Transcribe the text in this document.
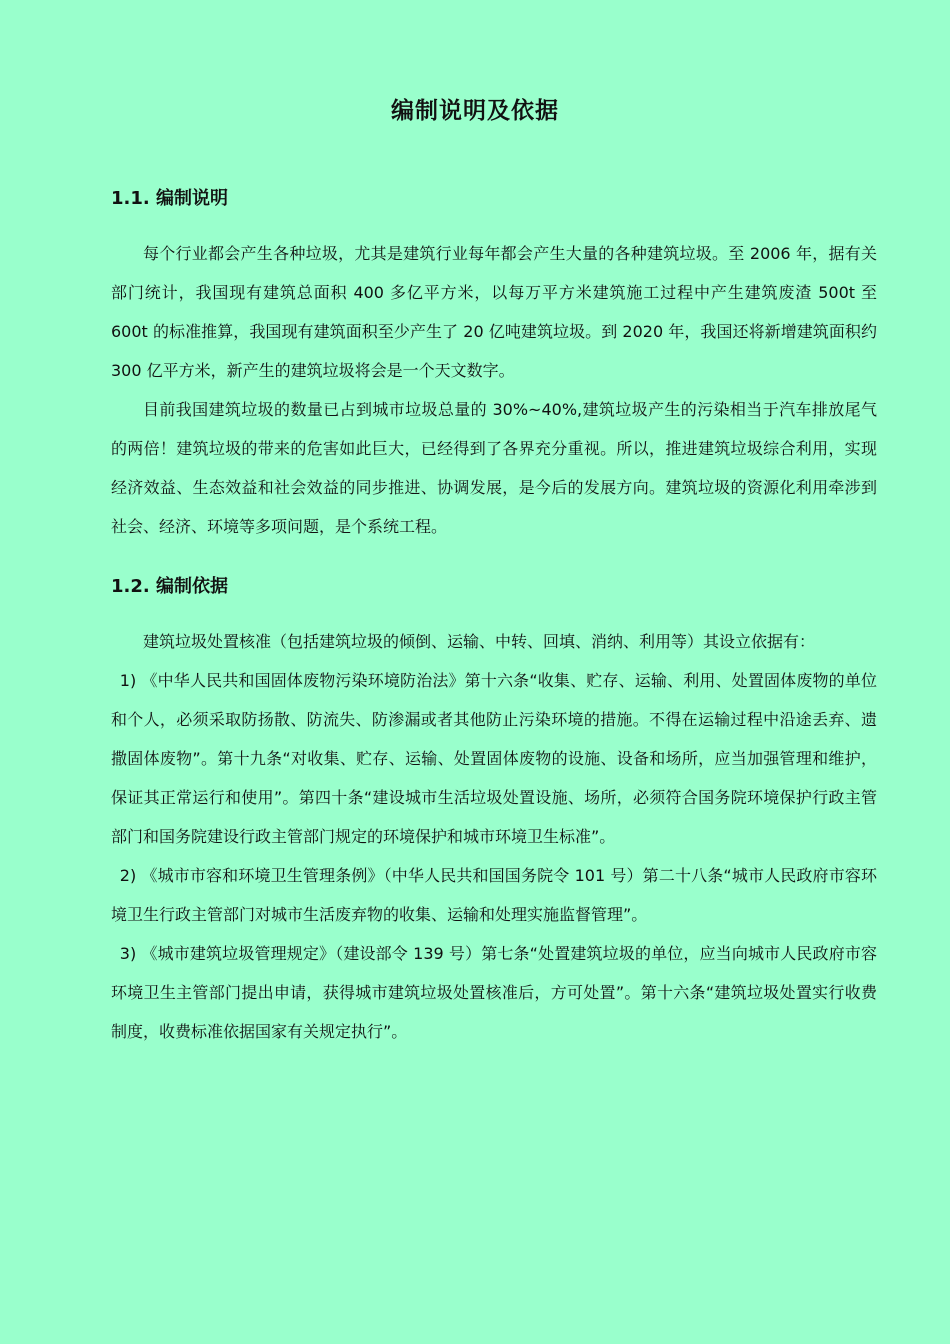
编制说明及依据
1.1. 编制说明

每个行业都会产生各种垃圾，尤其是建筑行业每年都会产生大量的各种建筑垃圾。至 2006 年，据有关部门统计，我国现有建筑总面积 400 多亿平方米，以每万平方米建筑施工过程中产生建筑废渣 500t 至 600t 的标准推算，我国现有建筑面积至少产生了 20 亿吨建筑垃圾。到 2020 年，我国还将新增建筑面积约 300 亿平方米，新产生的建筑垃圾将会是一个天文数字。

目前我国建筑垃圾的数量已占到城市垃圾总量的 30%~40%,建筑垃圾产生的污染相当于汽车排放尾气的两倍！建筑垃圾的带来的危害如此巨大，已经得到了各界充分重视。所以，推进建筑垃圾综合利用，实现经济效益、生态效益和社会效益的同步推进、协调发展，是今后的发展方向。建筑垃圾的资源化利用牵涉到社会、经济、环境等多项问题，是个系统工程。

1.2. 编制依据

建筑垃圾处置核准（包括建筑垃圾的倾倒、运输、中转、回填、消纳、利用等）其设立依据有：

1) 《中华人民共和国固体废物污染环境防治法》第十六条“收集、贮存、运输、利用、处置固体废物的单位和个人，必须采取防扬散、防流失、防渗漏或者其他防止污染环境的措施。不得在运输过程中沿途丢弃、遗撒固体废物”。第十九条“对收集、贮存、运输、处置固体废物的设施、设备和场所，应当加强管理和维护，保证其正常运行和使用”。第四十条“建设城市生活垃圾处置设施、场所，必须符合国务院环境保护行政主管部门和国务院建设行政主管部门规定的环境保护和城市环境卫生标准”。

2) 《城市市容和环境卫生管理条例》（中华人民共和国国务院令 101 号）第二十八条“城市人民政府市容环境卫生行政主管部门对城市生活废弃物的收集、运输和处理实施监督管理”。

3) 《城市建筑垃圾管理规定》（建设部令 139 号）第七条“处置建筑垃圾的单位，应当向城市人民政府市容环境卫生主管部门提出申请，获得城市建筑垃圾处置核准后，方可处置”。第十六条“建筑垃圾处置实行收费制度，收费标准依据国家有关规定执行”。
